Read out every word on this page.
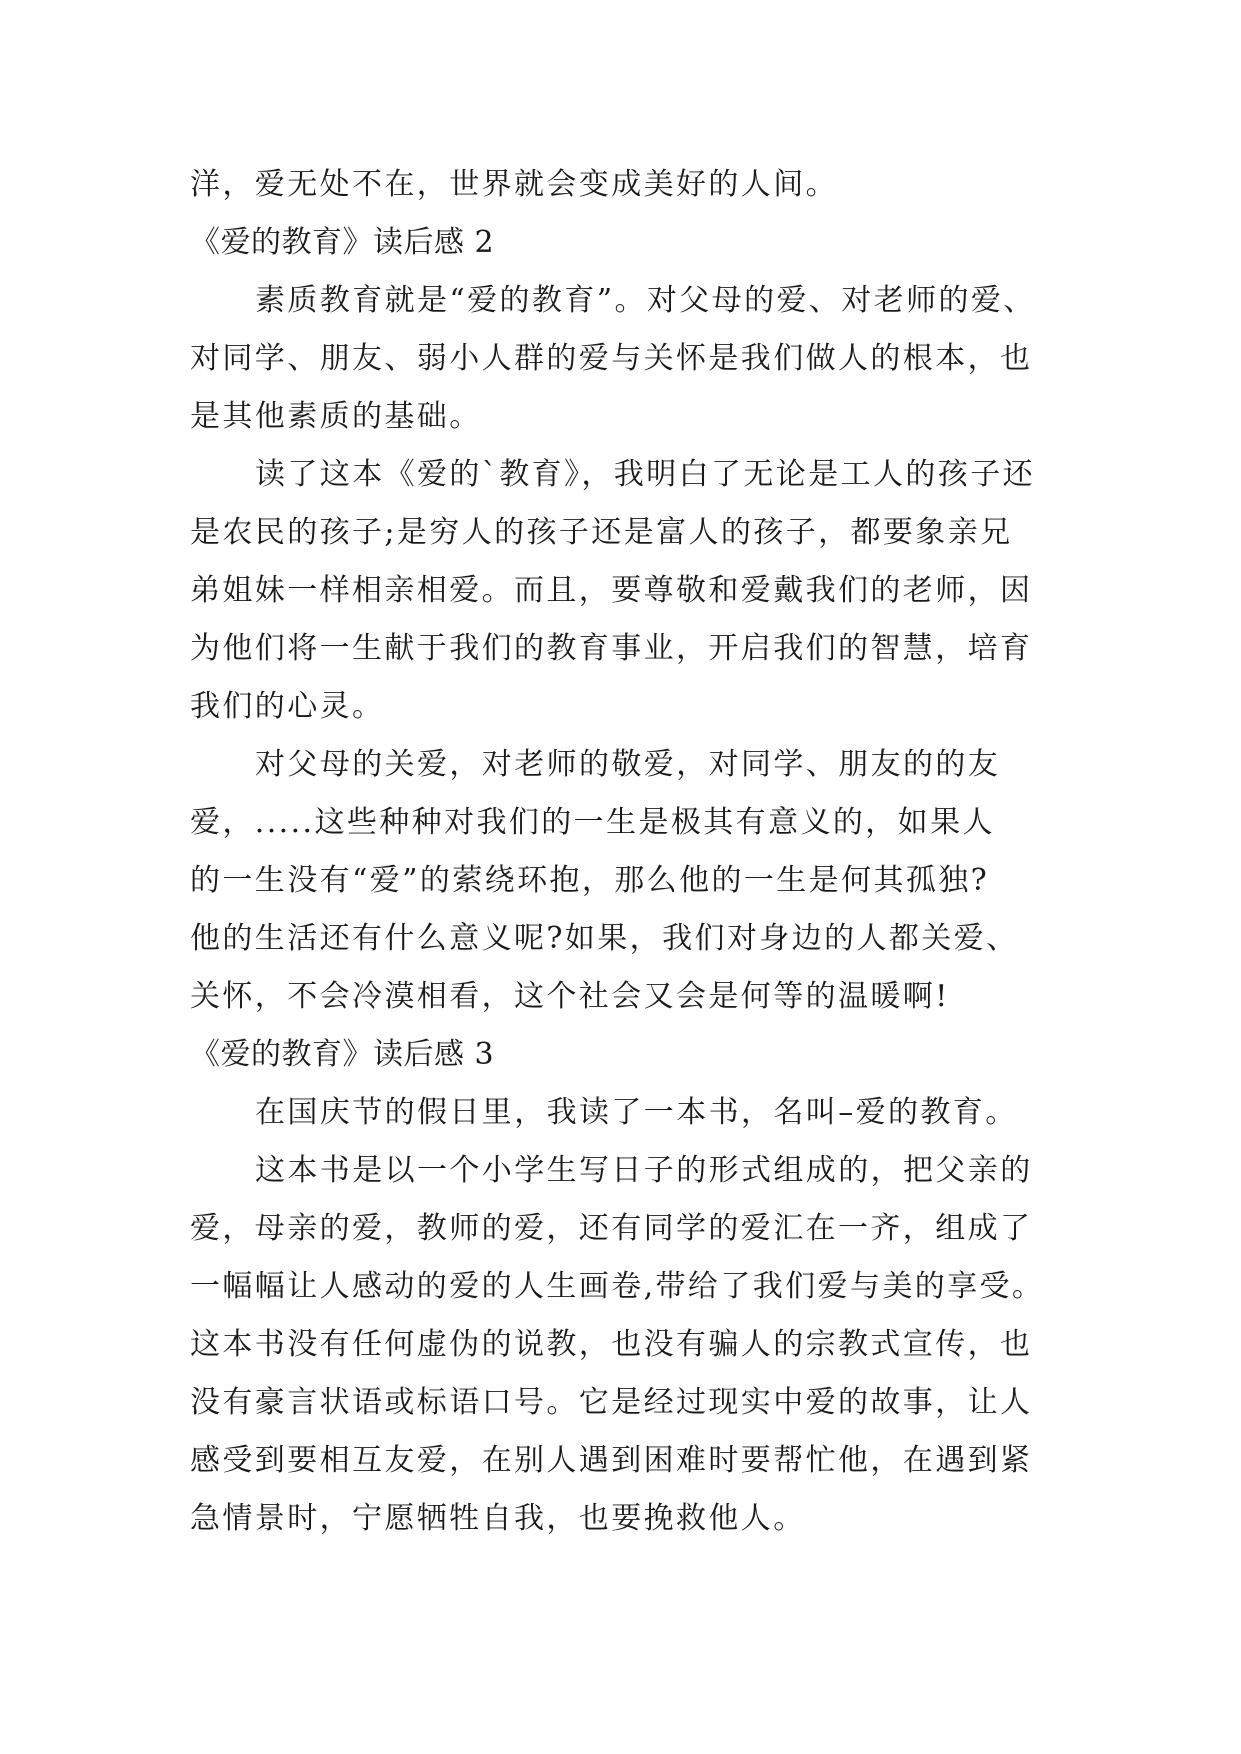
洋，爱无处不在，世界就会变成美好的人间。
《爱的教育》读后感 2
素质教育就是“爱的教育”。对父母的爱、对老师的爱、
对同学、朋友、弱小人群的爱与关怀是我们做人的根本，也
是其他素质的基础。
读了这本《爱的`教育》，我明白了无论是工人的孩子还
是农民的孩子;是穷人的孩子还是富人的孩子，都要象亲兄
弟姐妹一样相亲相爱。而且，要尊敬和爱戴我们的老师，因
为他们将一生献于我们的教育事业，开启我们的智慧，培育
我们的心灵。
对父母的关爱，对老师的敬爱，对同学、朋友的的友
爱，.....这些种种对我们的一生是极其有意义的，如果人
的一生没有“爱”的萦绕环抱，那么他的一生是何其孤独?
他的生活还有什么意义呢?如果，我们对身边的人都关爱、
关怀，不会冷漠相看，这个社会又会是何等的温暖啊!
《爱的教育》读后感 3
在国庆节的假日里，我读了一本书，名叫–爱的教育。
这本书是以一个小学生写日子的形式组成的，把父亲的
爱，母亲的爱，教师的爱，还有同学的爱汇在一齐，组成了
一幅幅让人感动的爱的人生画卷,带给了我们爱与美的享受。
这本书没有任何虚伪的说教，也没有骗人的宗教式宣传，也
没有豪言状语或标语口号。它是经过现实中爱的故事，让人
感受到要相互友爱，在别人遇到困难时要帮忙他，在遇到紧
急情景时，宁愿牺牲自我，也要挽救他人。
